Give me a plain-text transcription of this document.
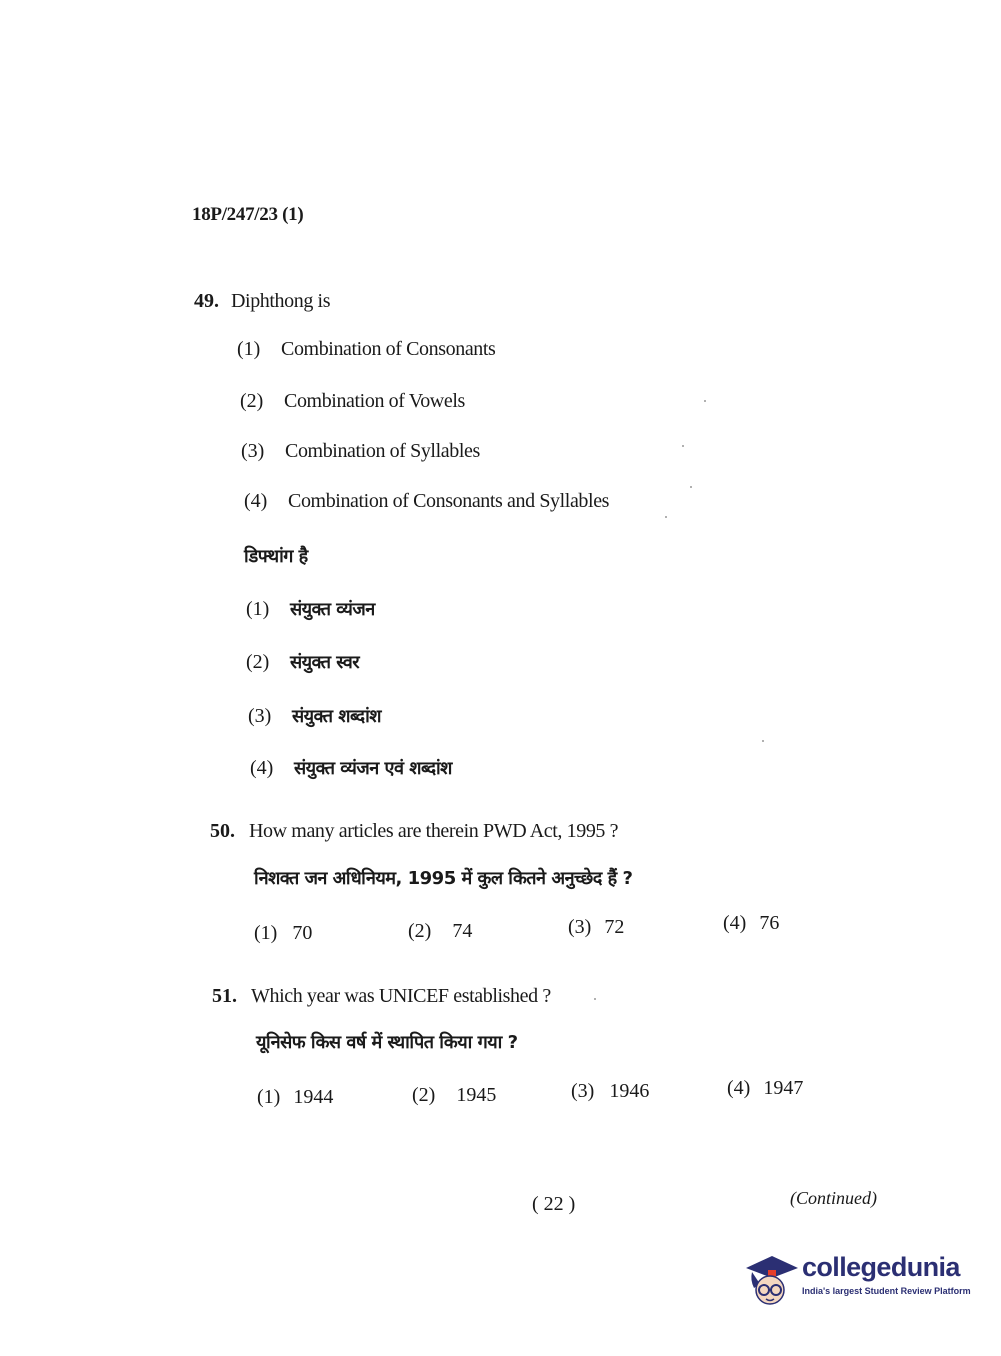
18P/247/23 (1)
49. Diphthong is
(1) Combination of Consonants
(2) Combination of Vowels
(3) Combination of Syllables
(4) Combination of Consonants and Syllables
डिफ्थांग है
(1) संयुक्त व्यंजन
(2) संयुक्त स्वर
(3) संयुक्त शब्दांश
(4) संयुक्त व्यंजन एवं शब्दांश
50. How many articles are therein PWD Act, 1995 ?
निशक्त जन अधिनियम, 1995 में कुल कितने अनुच्छेद हैं ?
(1) 70	(2) 74	(3) 72	(4) 76
51. Which year was UNICEF established ?
यूनिसेफ किस वर्ष में स्थापित किया गया ?
(1) 1944	(2) 1945	(3) 1946	(4) 1947
( 22 )	(Continued)
collegedunia
India's largest Student Review Platform
